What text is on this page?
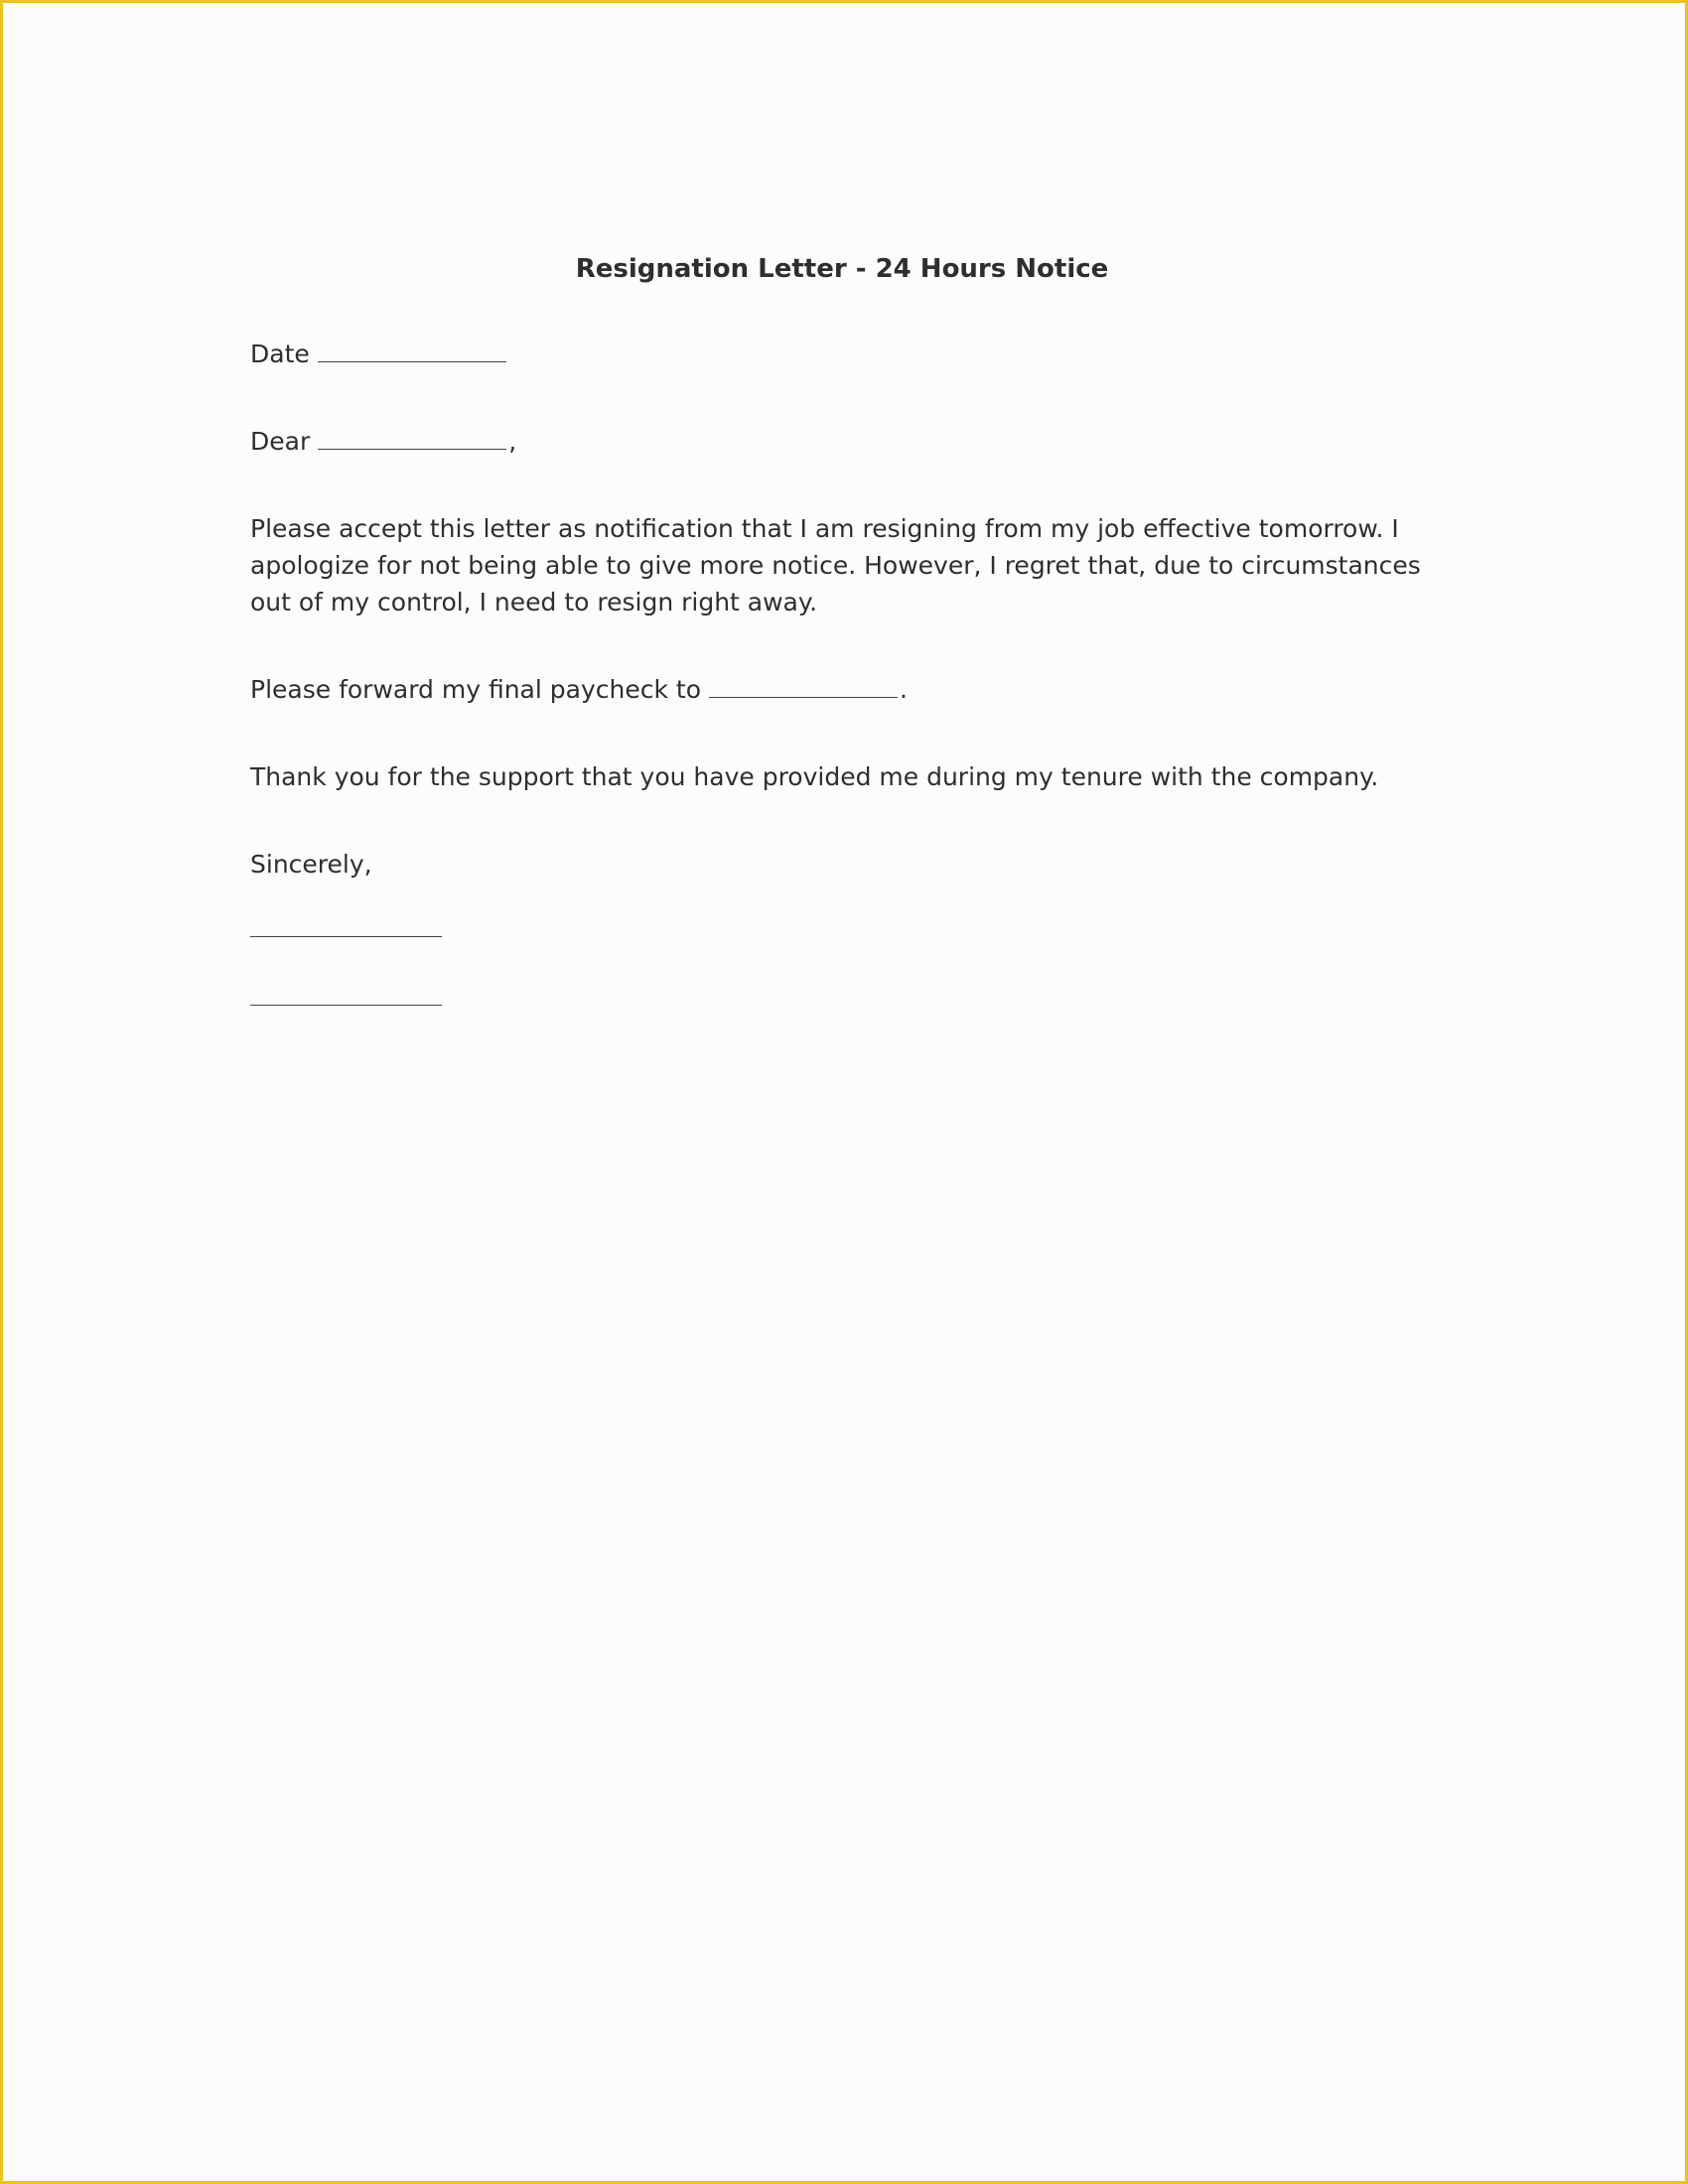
Resignation Letter - 24 Hours Notice
Date
Dear	,

Please accept this letter as notification that I am resigning from my job effective tomorrow. I apologize for not being able to give more notice. However, I regret that, due to circumstances out of my control, I need to resign right away.

Please forward my final paycheck to	.

Thank you for the support that you have provided me during my tenure with the company.

Sincerely,
